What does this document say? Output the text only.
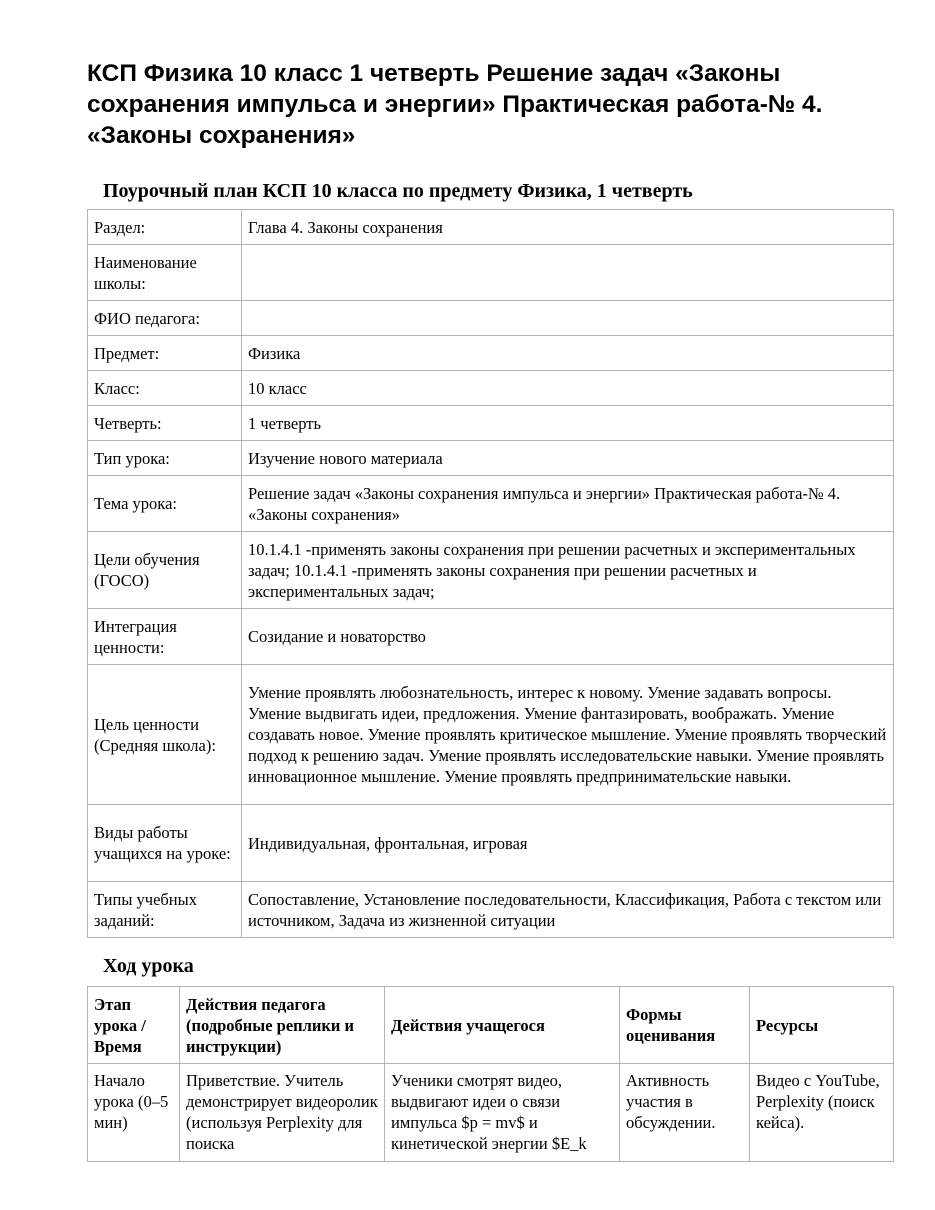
КСП Физика 10 класс 1 четверть Решение задач «Законы сохранения импульса и энергии» Практическая работа-№ 4. «Законы сохранения»
Поурочный план КСП 10 класса по предмету Физика, 1 четверть
Раздел:	Глава 4. Законы сохранения
Наименование школы:	
ФИО педагога:	
Предмет:	Физика
Класс:	10 класс
Четверть:	1 четверть
Тип урока:	Изучение нового материала
Тема урока:	Решение задач «Законы сохранения импульса и энергии» Практическая работа-№ 4. «Законы сохранения»
Цели обучения (ГОСО)	10.1.4.1 -применять законы сохранения при решении расчетных и экспериментальных задач; 10.1.4.1 -применять законы сохранения при решении расчетных и экспериментальных задач;
Интеграция ценности:	Созидание и новаторство
Цель ценности (Средняя школа):	Умение проявлять любознательность, интерес к новому. Умение задавать вопросы. Умение выдвигать идеи, предложения. Умение фантазировать, воображать. Умение создавать новое. Умение проявлять критическое мышление. Умение проявлять творческий подход к решению задач. Умение проявлять исследовательские навыки. Умение проявлять инновационное мышление. Умение проявлять предпринимательские навыки.
Виды работы учащихся на уроке:	Индивидуальная, фронтальная, игровая
Типы учебных заданий:	Сопоставление, Установление последовательности, Классификация, Работа с текстом или источником, Задача из жизненной ситуации
Ход урока
Этап урока / Время	Действия педагога (подробные реплики и инструкции)	Действия учащегося	Формы оценивания	Ресурсы
Начало урока (0–5 мин)	Приветствие. Учитель демонстрирует видеоролик (используя Perplexity для поиска	Ученики смотрят видео, выдвигают идеи о связи импульса $p = mv$ и кинетической энергии $E_k	Активность участия в обсуждении.	Видео с YouTube, Perplexity (поиск кейса).
